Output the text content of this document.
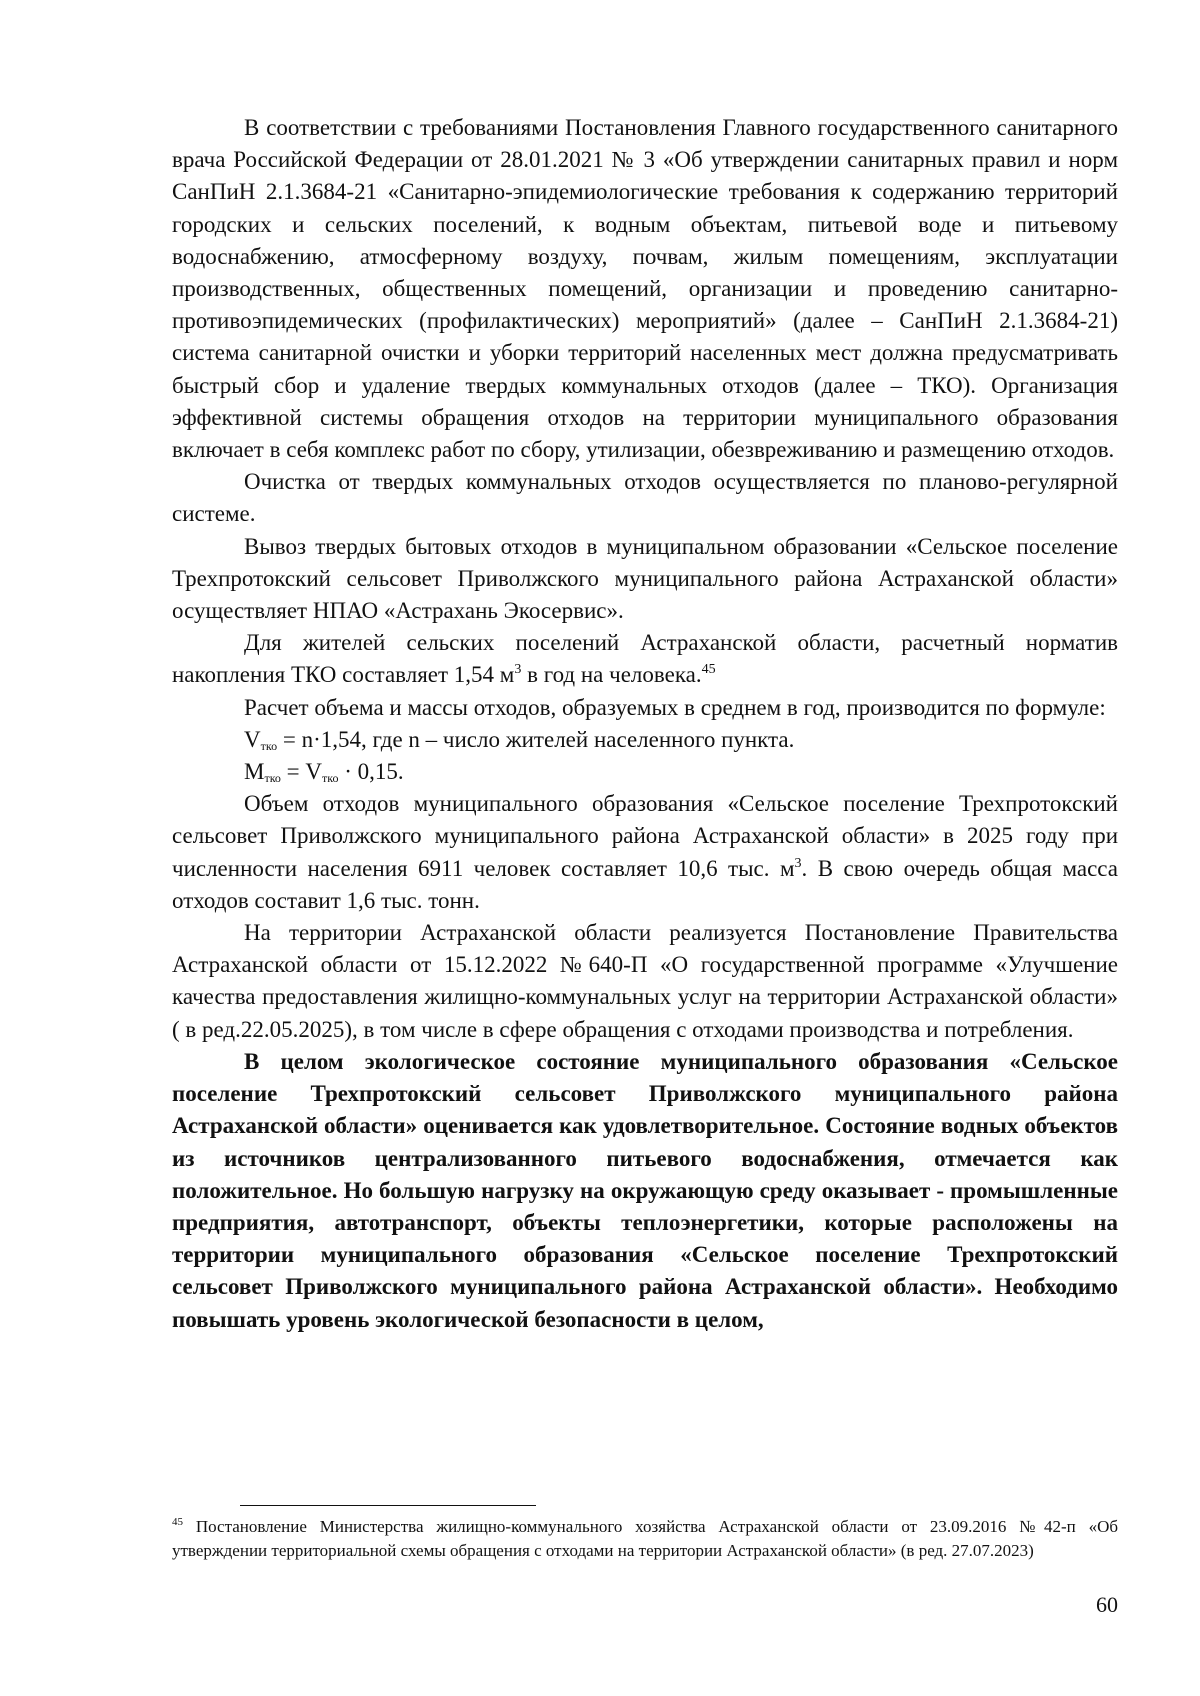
В соответствии с требованиями Постановления Главного государственного санитарного врача Российской Федерации от 28.01.2021 № 3 «Об утверждении санитарных правил и норм СанПиН 2.1.3684-21 «Санитарно-эпидемиологические требования к содержанию территорий городских и сельских поселений, к водным объектам, питьевой воде и питьевому водоснабжению, атмосферному воздуху, почвам, жилым помещениям, эксплуатации производственных, общественных помещений, организации и проведению санитарно-противоэпидемических (профилактических) мероприятий» (далее – СанПиН 2.1.3684-21) система санитарной очистки и уборки территорий населенных мест должна предусматривать быстрый сбор и удаление твердых коммунальных отходов (далее – ТКО). Организация эффективной системы обращения отходов на территории муниципального образования включает в себя комплекс работ по сбору, утилизации, обезвреживанию и размещению отходов.

Очистка от твердых коммунальных отходов осуществляется по планово-регулярной системе.

Вывоз твердых бытовых отходов в муниципальном образовании «Сельское поселение Трехпротокский сельсовет Приволжского муниципального района Астраханской области» осуществляет НПАО «Астрахань Экосервис».

Для жителей сельских поселений Астраханской области, расчетный норматив накопления ТКО составляет 1,54 $м^3$ в год на человека.$^{45}$

Расчет объема и массы отходов, образуемых в среднем в год, производится по формуле:

$V_{тко} = n\cdot 1,54$, где n – число жителей населенного пункта.

$М_{тко} = V_{тко} \cdot 0,15$.

Объем отходов муниципального образования «Сельское поселение Трехпротокский сельсовет Приволжского муниципального района Астраханской области» в 2025 году при численности населения 6911 человек составляет 10,6 тыс. $м^3$. В свою очередь общая масса отходов составит 1,6 тыс. тонн.

На территории Астраханской области реализуется Постановление Правительства Астраханской области от 15.12.2022 №640-П «О государственной программе «Улучшение качества предоставления жилищно-коммунальных услуг на территории Астраханской области» ( в ред.22.05.2025), в том числе в сфере обращения с отходами производства и потребления.

В целом экологическое состояние муниципального образования «Сельское поселение Трехпротокский сельсовет Приволжского муниципального района Астраханской области» оценивается как удовлетворительное. Состояние водных объектов из источников централизованного питьевого водоснабжения, отмечается как положительное. Но большую нагрузку на окружающую среду оказывает - промышленные предприятия, автотранспорт, объекты теплоэнергетики, которые расположены на территории муниципального образования «Сельское поселение Трехпротокский сельсовет Приволжского муниципального района Астраханской области». Необходимо повышать уровень экологической безопасности в целом,

$^{45}$ Постановление Министерства жилищно-коммунального хозяйства Астраханской области от 23.09.2016 №42-п «Об утверждении территориальной схемы обращения с отходами на территории Астраханской области» (в ред. 27.07.2023)

60
